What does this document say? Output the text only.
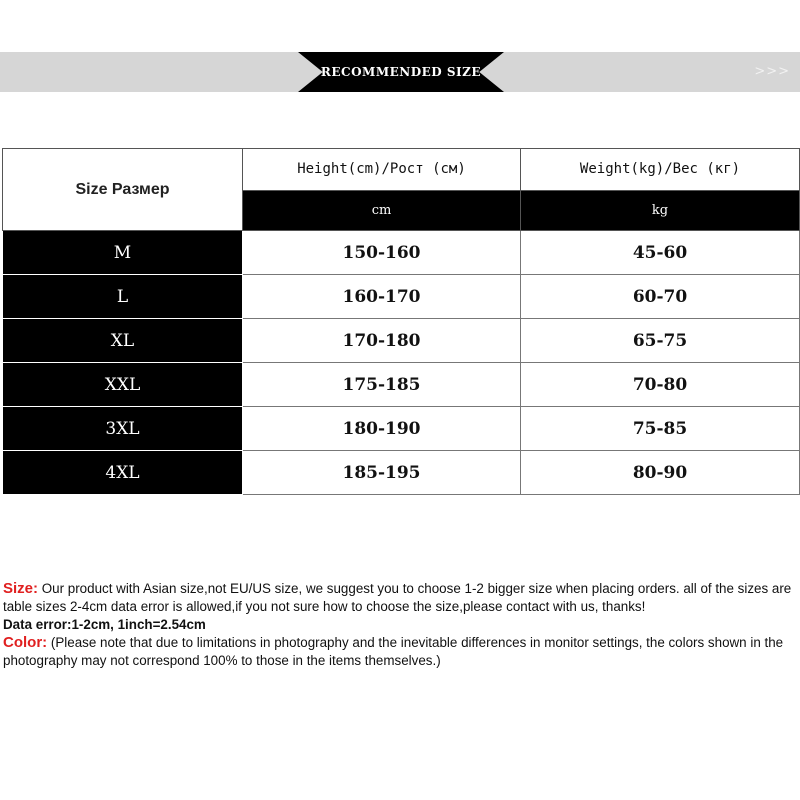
RECOMMENDED SIZE	>>>
Size Размер	Height(cm)/Рост (см)	Weight(kg)/Вес (кг)
	cm	kg
M	150-160	45-60
L	160-170	60-70
XL	170-180	65-75
XXL	175-185	70-80
3XL	180-190	75-85
4XL	185-195	80-90

Size: Our product with Asian size,not EU/US size, we suggest you to choose 1-2 bigger size when placing orders. all of the sizes are table sizes 2-4cm data error is allowed,if you not sure how to choose the size,please contact with us, thanks!

Data error:1-2cm, 1inch=2.54cm

Color: (Please note that due to limitations in photography and the inevitable differences in monitor settings, the colors shown in the photography may not correspond 100% to those in the items themselves.)
